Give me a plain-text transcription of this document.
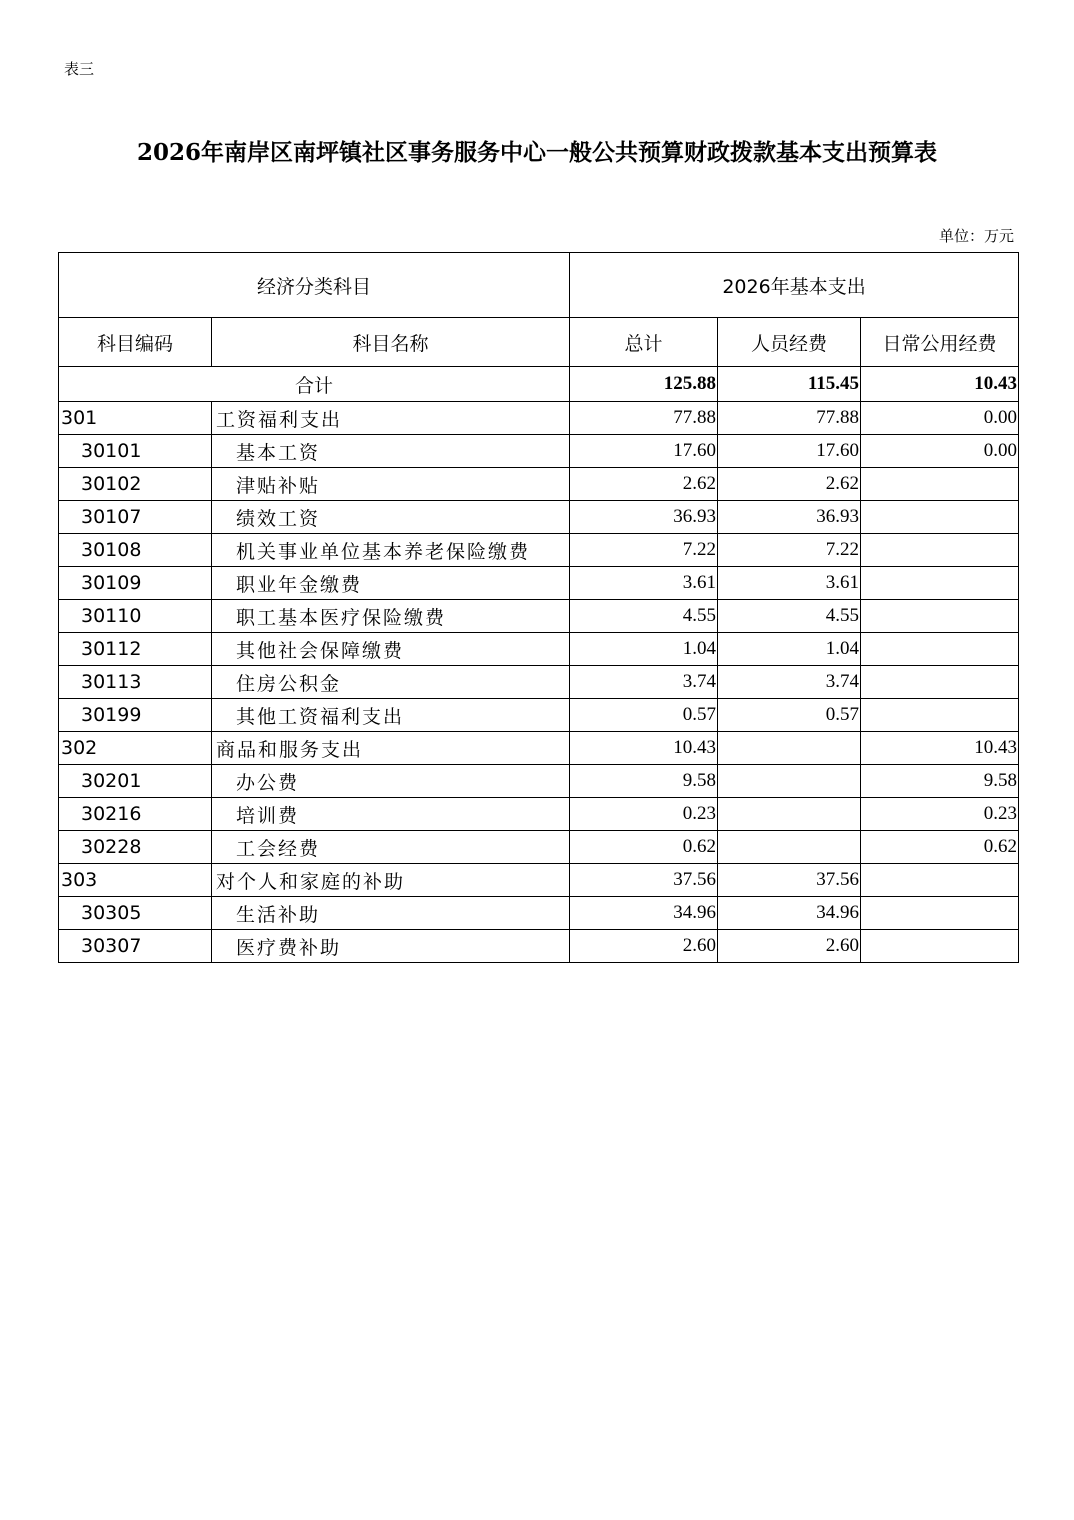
表三
2026年南岸区南坪镇社区事务服务中心一般公共预算财政拨款基本支出预算表
单位：万元
经济分类科目		2026年基本支出		
科目编码	科目名称	总计	人员经费	日常公用经费
合计		125.88	115.45	10.43
301	工资福利支出	77.88	77.88	0.00
30101	基本工资	17.60	17.60	0.00
30102	津贴补贴	2.62	2.62	
30107	绩效工资	36.93	36.93	
30108	机关事业单位基本养老保险缴费	7.22	7.22	
30109	职业年金缴费	3.61	3.61	
30110	职工基本医疗保险缴费	4.55	4.55	
30112	其他社会保障缴费	1.04	1.04	
30113	住房公积金	3.74	3.74	
30199	其他工资福利支出	0.57	0.57	
302	商品和服务支出	10.43		10.43
30201	办公费	9.58		9.58
30216	培训费	0.23		0.23
30228	工会经费	0.62		0.62
303	对个人和家庭的补助	37.56	37.56	
30305	生活补助	34.96	34.96	
30307	医疗费补助	2.60	2.60	
